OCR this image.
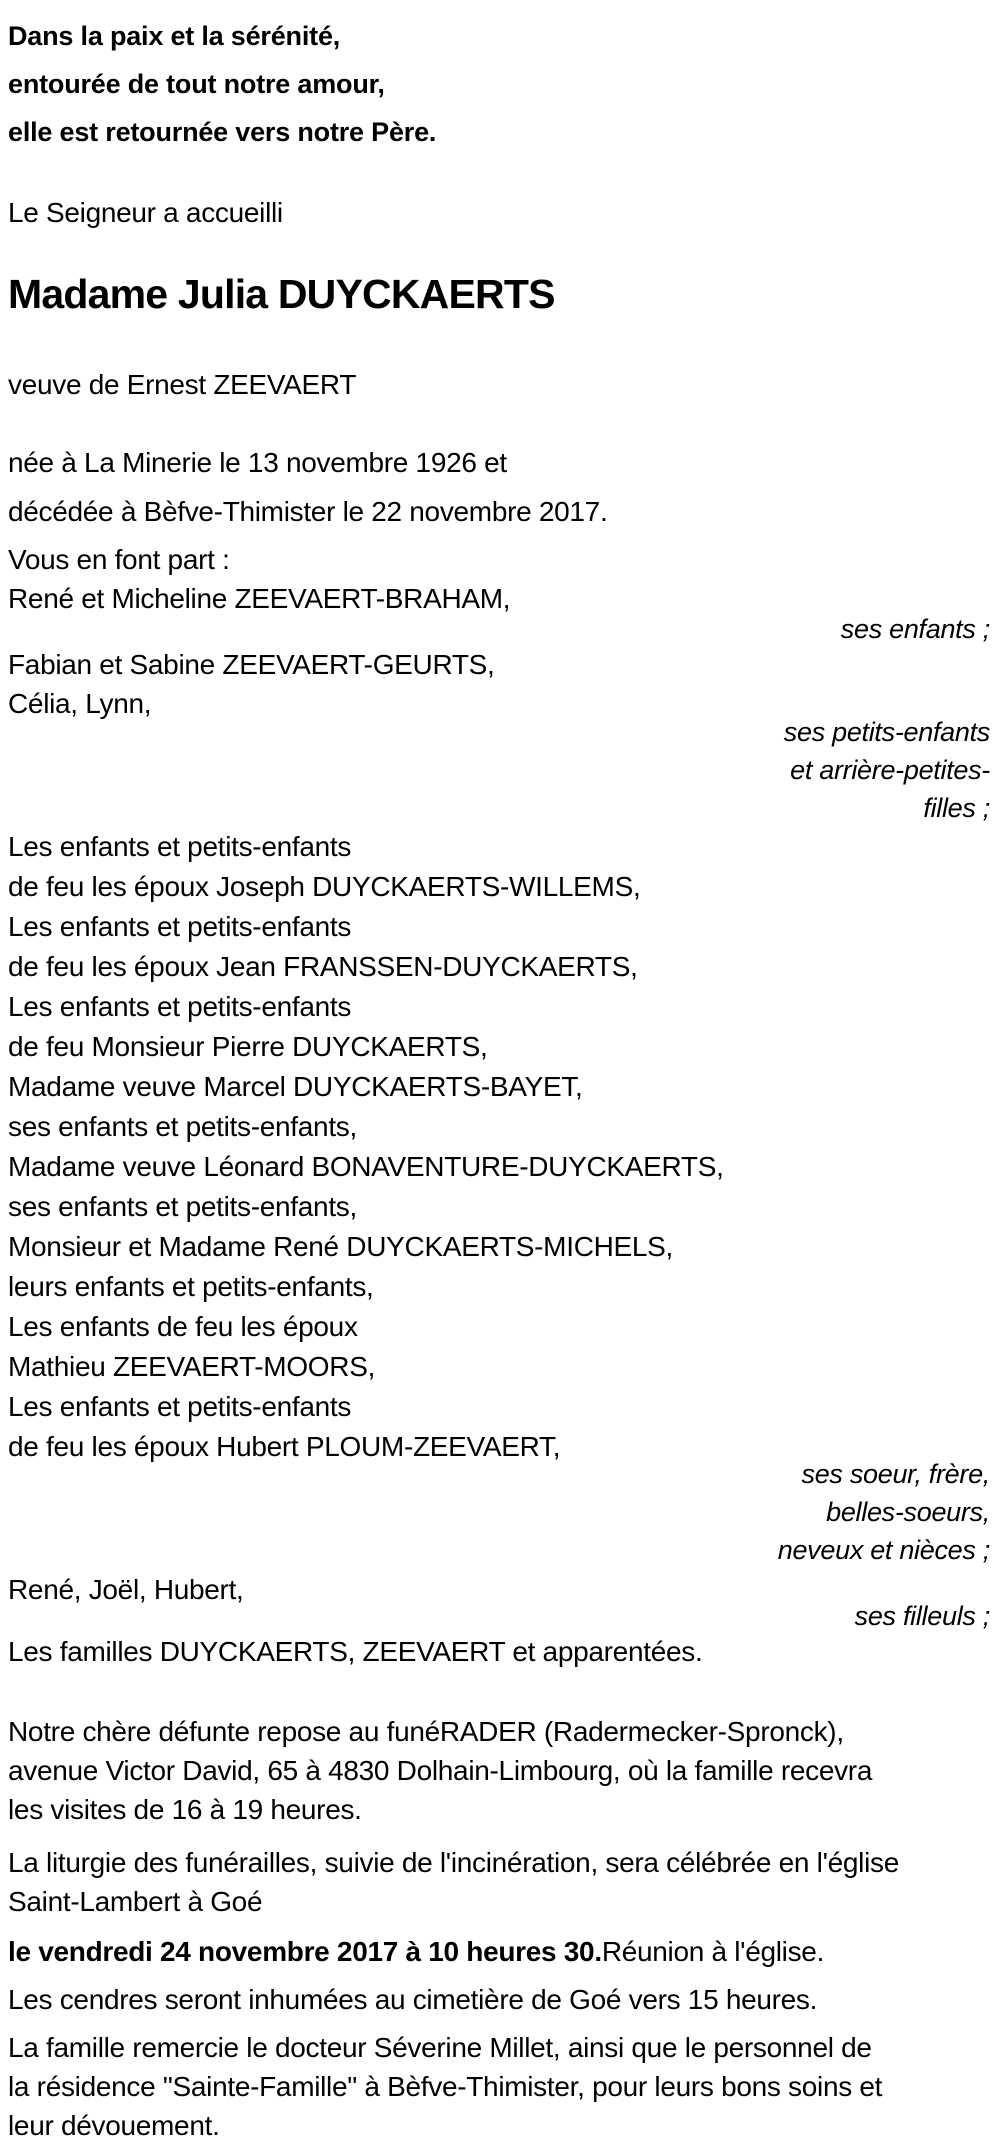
Dans la paix et la sérénité,
entourée de tout notre amour,
elle est retournée vers notre Père.
Le Seigneur a accueilli
Madame Julia DUYCKAERTS
veuve de Ernest ZEEVAERT
née à La Minerie le 13 novembre 1926 et
décédée à Bèfve-Thimister le 22 novembre 2017.
Vous en font part :
René et Micheline ZEEVAERT-BRAHAM,
ses enfants ;
Fabian et Sabine ZEEVAERT-GEURTS,
Célia, Lynn,
ses petits-enfants
et arrière-petites-
filles ;
Les enfants et petits-enfants
de feu les époux Joseph DUYCKAERTS-WILLEMS,
Les enfants et petits-enfants
de feu les époux Jean FRANSSEN-DUYCKAERTS,
Les enfants et petits-enfants
de feu Monsieur Pierre DUYCKAERTS,
Madame veuve Marcel DUYCKAERTS-BAYET,
ses enfants et petits-enfants,
Madame veuve Léonard BONAVENTURE-DUYCKAERTS,
ses enfants et petits-enfants,
Monsieur et Madame René DUYCKAERTS-MICHELS,
leurs enfants et petits-enfants,
Les enfants de feu les époux
Mathieu ZEEVAERT-MOORS,
Les enfants et petits-enfants
de feu les époux Hubert PLOUM-ZEEVAERT,
ses soeur, frère,
belles-soeurs,
neveux et nièces ;
René, Joël, Hubert,
ses filleuls ;
Les familles DUYCKAERTS, ZEEVAERT et apparentées.
Notre chère défunte repose au funéRADER (Radermecker-Spronck),
avenue Victor David, 65 à 4830 Dolhain-Limbourg, où la famille recevra
les visites de 16 à 19 heures.
La liturgie des funérailles, suivie de l'incinération, sera célébrée en l'église
Saint-Lambert à Goé
le vendredi 24 novembre 2017 à 10 heures 30.Réunion à l'église.
Les cendres seront inhumées au cimetière de Goé vers 15 heures.
La famille remercie le docteur Séverine Millet, ainsi que le personnel de
la résidence "Sainte-Famille" à Bèfve-Thimister, pour leurs bons soins et
leur dévouement.
